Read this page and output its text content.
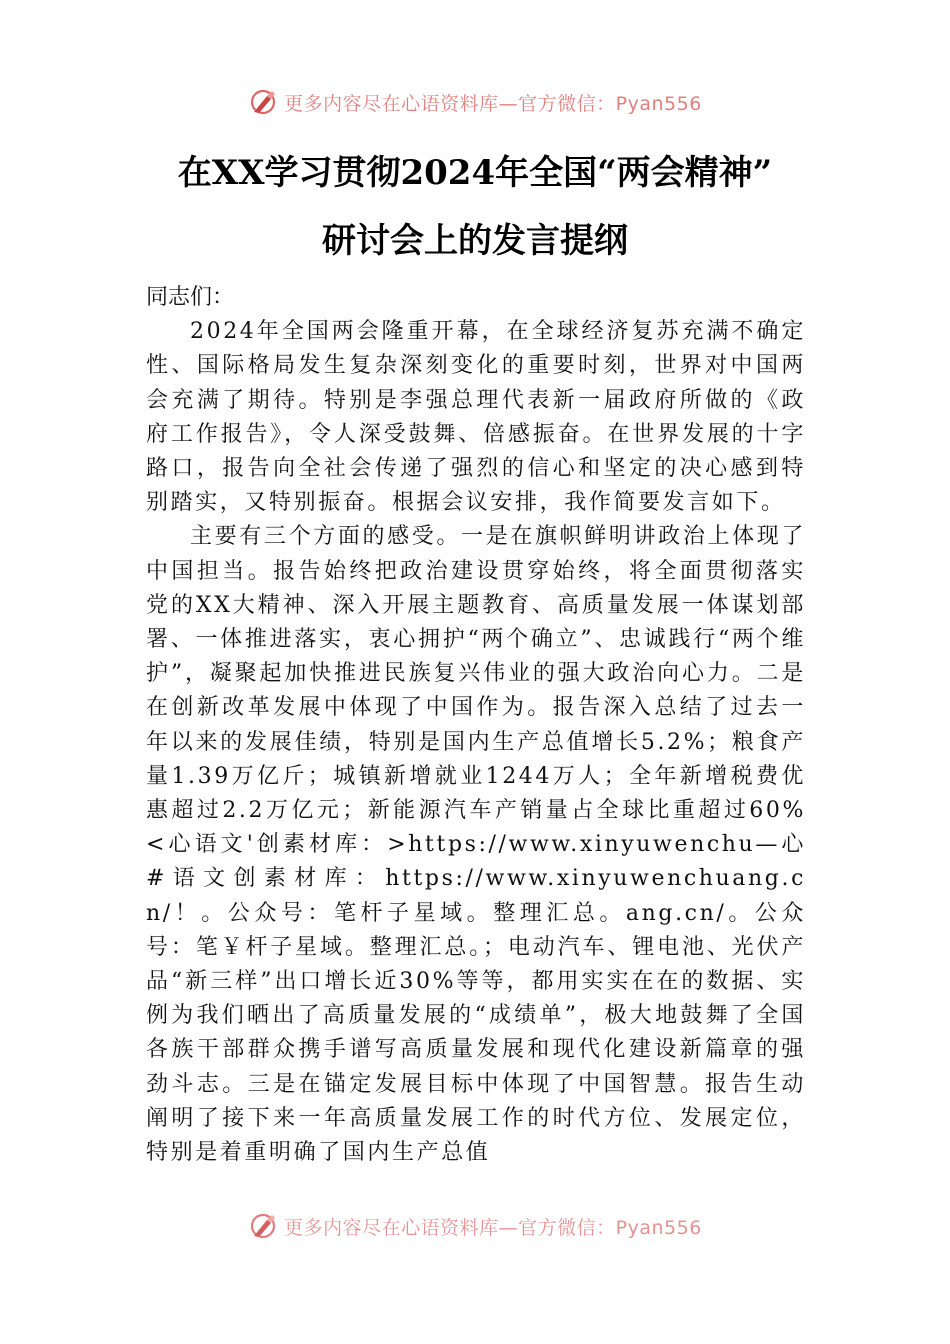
更多内容尽在心语资料库—官方微信：Pyan556
在XX学习贯彻2024年全国“两会精神”
研讨会上的发言提纲

同志们：

2024年全国两会隆重开幕，在全球经济复苏充满不确定性、国际格局发生复杂深刻变化的重要时刻，世界对中国两会充满了期待。特别是李强总理代表新一届政府所做的《政府工作报告》，令人深受鼓舞、倍感振奋。在世界发展的十字路口，报告向全社会传递了强烈的信心和坚定的决心感到特别踏实，又特别振奋。根据会议安排，我作简要发言如下。

主要有三个方面的感受。一是在旗帜鲜明讲政治上体现了中国担当。报告始终把政治建设贯穿始终，将全面贯彻落实党的XX大精神、深入开展主题教育、高质量发展一体谋划部署、一体推进落实，衷心拥护“两个确立”、忠诚践行“两个维护”，凝聚起加快推进民族复兴伟业的强大政治向心力。二是在创新改革发展中体现了中国作为。报告深入总结了过去一年以来的发展佳绩，特别是国内生产总值增长5.2%；粮食产量1.39万亿斤；城镇新增就业1244万人；全年新增税费优惠超过2.2万亿元；新能源汽车产销量占全球比重超过60%<心语文'创素材库：>https://www.xinyuwenchu—心#语文创素材库：https://www.xinyuwenchuang.cn/！。公众号：笔杆子星域。整理汇总。ang.cn/。公众号：笔￥杆子星域。整理汇总。；电动汽车、锂电池、光伏产品“新三样”出口增长近30%等等，都用实实在在的数据、实例为我们晒出了高质量发展的“成绩单”，极大地鼓舞了全国各族干部群众携手谱写高质量发展和现代化建设新篇章的强劲斗志。三是在锚定发展目标中体现了中国智慧。报告生动阐明了接下来一年高质量发展工作的时代方位、发展定位，特别是着重明确了国内生产总值

更多内容尽在心语资料库—官方微信：Pyan556
